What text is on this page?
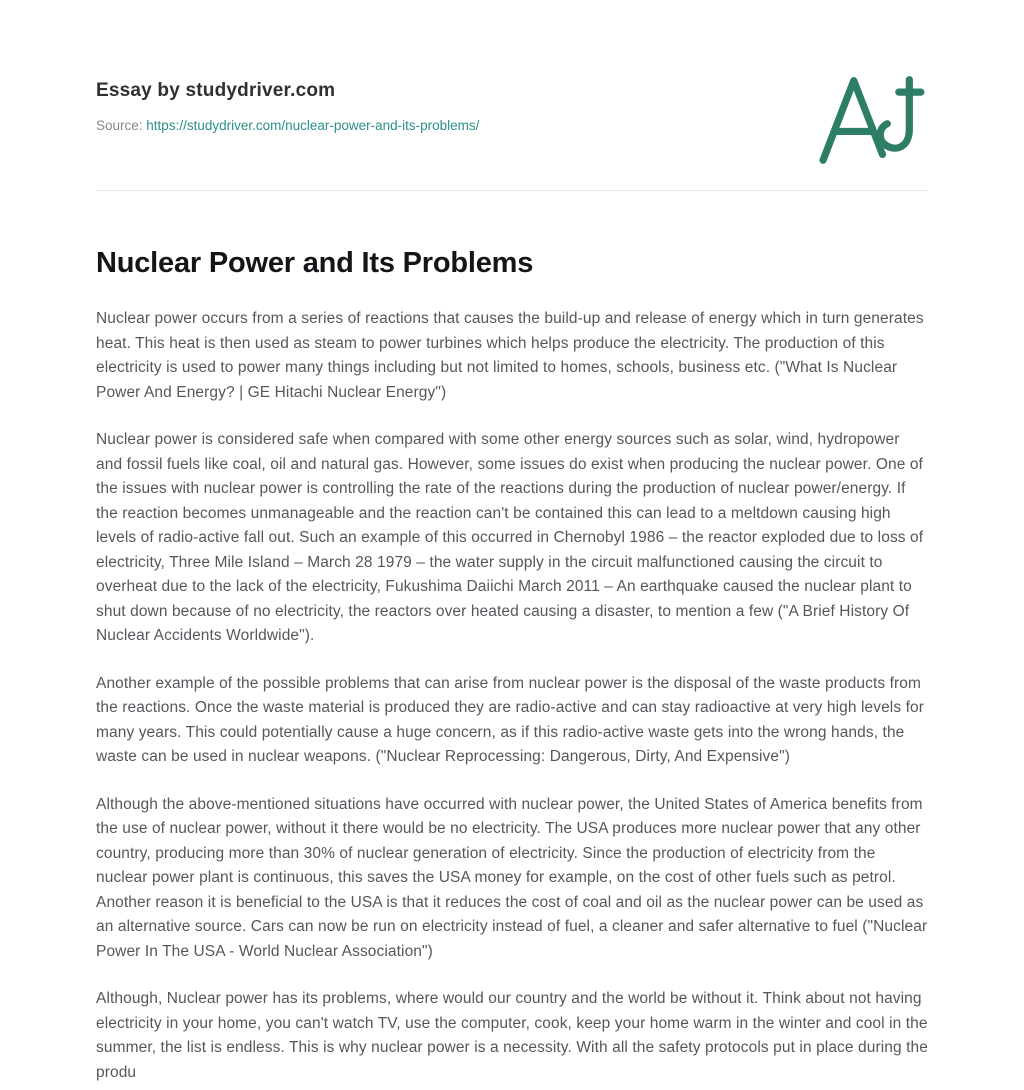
Essay by studydriver.com
Source: https://studydriver.com/nuclear-power-and-its-problems/
Nuclear Power and Its Problems

Nuclear power occurs from a series of reactions that causes the build-up and release of energy which in turn generates heat. This heat is then used as steam to power turbines which helps produce the electricity. The production of this electricity is used to power many things including but not limited to homes, schools, business etc. ("What Is Nuclear Power And Energy? | GE Hitachi Nuclear Energy")

Nuclear power is considered safe when compared with some other energy sources such as solar, wind, hydropower and fossil fuels like coal, oil and natural gas. However, some issues do exist when producing the nuclear power. One of the issues with nuclear power is controlling the rate of the reactions during the production of nuclear power/energy. If the reaction becomes unmanageable and the reaction can't be contained this can lead to a meltdown causing high levels of radio-active fall out. Such an example of this occurred in Chernobyl 1986 – the reactor exploded due to loss of electricity, Three Mile Island – March 28 1979 – the water supply in the circuit malfunctioned causing the circuit to overheat due to the lack of the electricity, Fukushima Daiichi March 2011 – An earthquake caused the nuclear plant to shut down because of no electricity, the reactors over heated causing a disaster, to mention a few ("A Brief History Of Nuclear Accidents Worldwide").

Another example of the possible problems that can arise from nuclear power is the disposal of the waste products from the reactions. Once the waste material is produced they are radio-active and can stay radioactive at very high levels for many years. This could potentially cause a huge concern, as if this radio-active waste gets into the wrong hands, the waste can be used in nuclear weapons. ("Nuclear Reprocessing: Dangerous, Dirty, And Expensive")

Although the above-mentioned situations have occurred with nuclear power, the United States of America benefits from the use of nuclear power, without it there would be no electricity. The USA produces more nuclear power that any other country, producing more than 30% of nuclear generation of electricity. Since the production of electricity from the nuclear power plant is continuous, this saves the USA money for example, on the cost of other fuels such as petrol. Another reason it is beneficial to the USA is that it reduces the cost of coal and oil as the nuclear power can be used as an alternative source. Cars can now be run on electricity instead of fuel, a cleaner and safer alternative to fuel ("Nuclear Power In The USA - World Nuclear Association")

Although, Nuclear power has its problems, where would our country and the world be without it. Think about not having electricity in your home, you can't watch TV, use the computer, cook, keep your home warm in the winter and cool in the summer, the list is endless. This is why nuclear power is a necessity. With all the safety protocols put in place during the produ
